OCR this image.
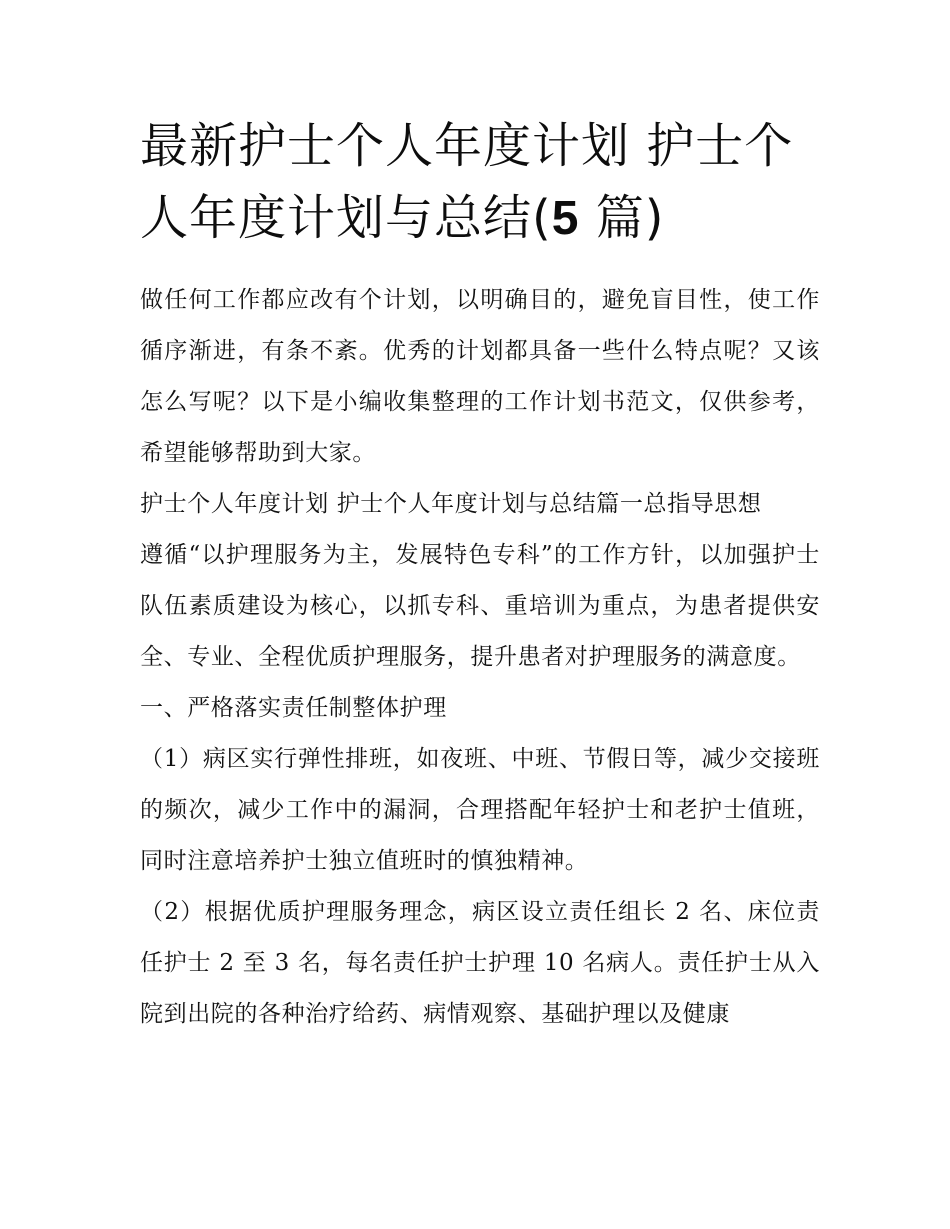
最新护士个人年度计划 护士个人年度计划与总结(5 篇)

做任何工作都应改有个计划，以明确目的，避免盲目性，使工作循序渐进，有条不紊。优秀的计划都具备一些什么特点呢？又该怎么写呢？以下是小编收集整理的工作计划书范文，仅供参考，希望能够帮助到大家。

护士个人年度计划 护士个人年度计划与总结篇一总指导思想

遵循“以护理服务为主，发展特色专科”的工作方针，以加强护士队伍素质建设为核心，以抓专科、重培训为重点，为患者提供安全、专业、全程优质护理服务，提升患者对护理服务的满意度。

一、严格落实责任制整体护理

（1）病区实行弹性排班，如夜班、中班、节假日等，减少交接班的频次，减少工作中的漏洞，合理搭配年轻护士和老护士值班，同时注意培养护士独立值班时的慎独精神。

（2）根据优质护理服务理念，病区设立责任组长 2 名、床位责任护士 2 至 3 名，每名责任护士护理 10 名病人。责任护士从入院到出院的各种治疗给药、病情观察、基础护理以及健康
